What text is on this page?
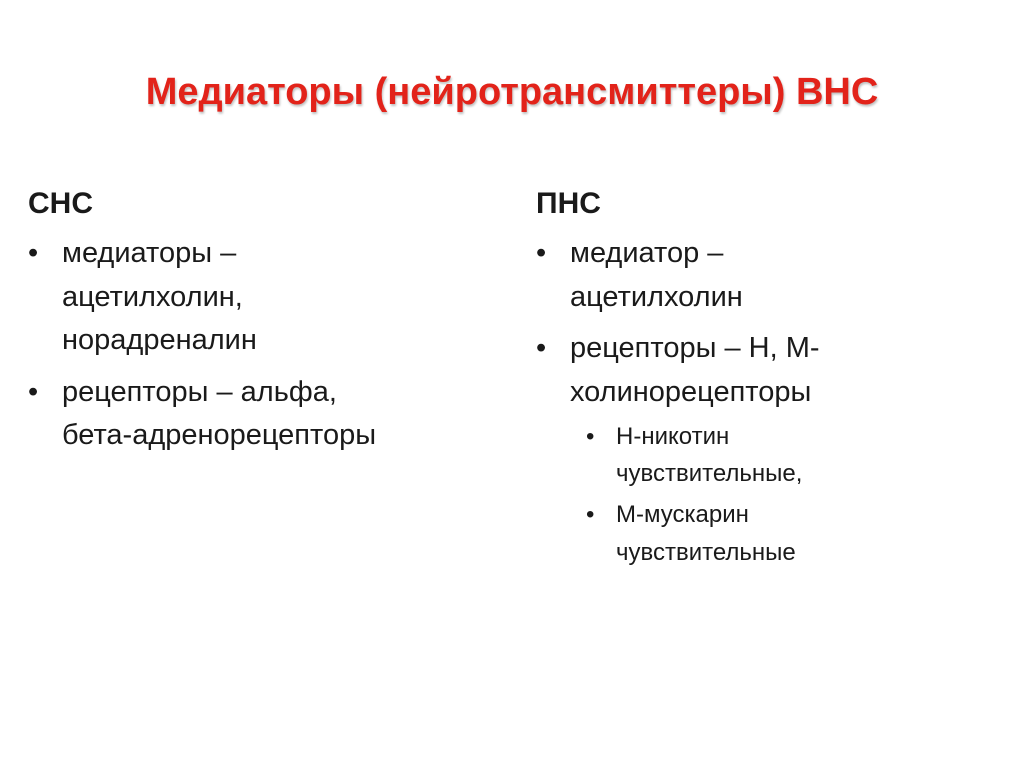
Медиаторы (нейротрансмиттеры) ВНС
СНС
• медиаторы –
ацетилхолин,
норадреналин
• рецепторы – альфа,
бета-адренорецепторы
ПНС
• медиатор –
ацетилхолин
• рецепторы – Н, М-
холинорецепторы
• Н-никотин
чувствительные,
• М-мускарин
чувствительные
